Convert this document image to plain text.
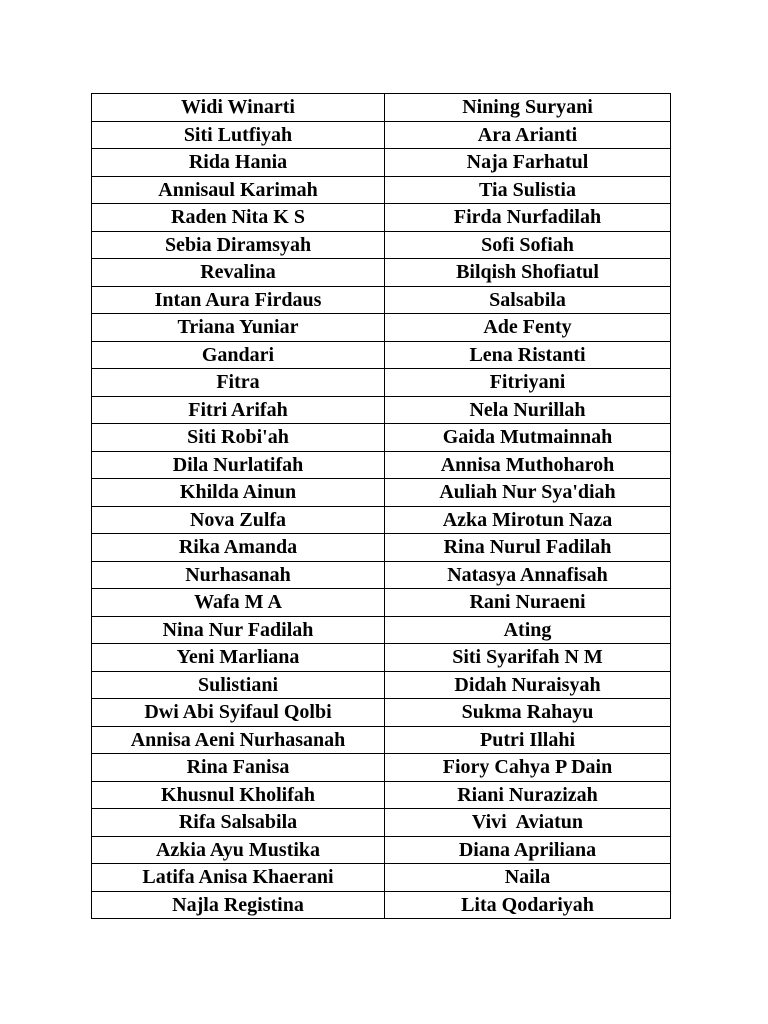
Widi Winarti	Nining Suryani
Siti Lutfiyah	Ara Arianti
Rida Hania	Naja Farhatul
Annisaul Karimah	Tia Sulistia
Raden Nita K S	Firda Nurfadilah
Sebia Diramsyah	Sofi Sofiah
Revalina	Bilqish Shofiatul
Intan Aura Firdaus	Salsabila
Triana Yuniar	Ade Fenty
Gandari	Lena Ristanti
Fitra	Fitriyani
Fitri Arifah	Nela Nurillah
Siti Robi'ah	Gaida Mutmainnah
Dila Nurlatifah	Annisa Muthoharoh
Khilda Ainun	Auliah Nur Sya'diah
Nova Zulfa	Azka Mirotun Naza
Rika Amanda	Rina Nurul Fadilah
Nurhasanah	Natasya Annafisah
Wafa M A	Rani Nuraeni
Nina Nur Fadilah	Ating
Yeni Marliana	Siti Syarifah N M
Sulistiani	Didah Nuraisyah
Dwi Abi Syifaul Qolbi	Sukma Rahayu
Annisa Aeni Nurhasanah	Putri Illahi
Rina Fanisa	Fiory Cahya P Dain
Khusnul Kholifah	Riani Nurazizah
Rifa Salsabila	Vivi  Aviatun
Azkia Ayu Mustika	Diana Apriliana
Latifa Anisa Khaerani	Naila
Najla Registina	Lita Qodariyah
